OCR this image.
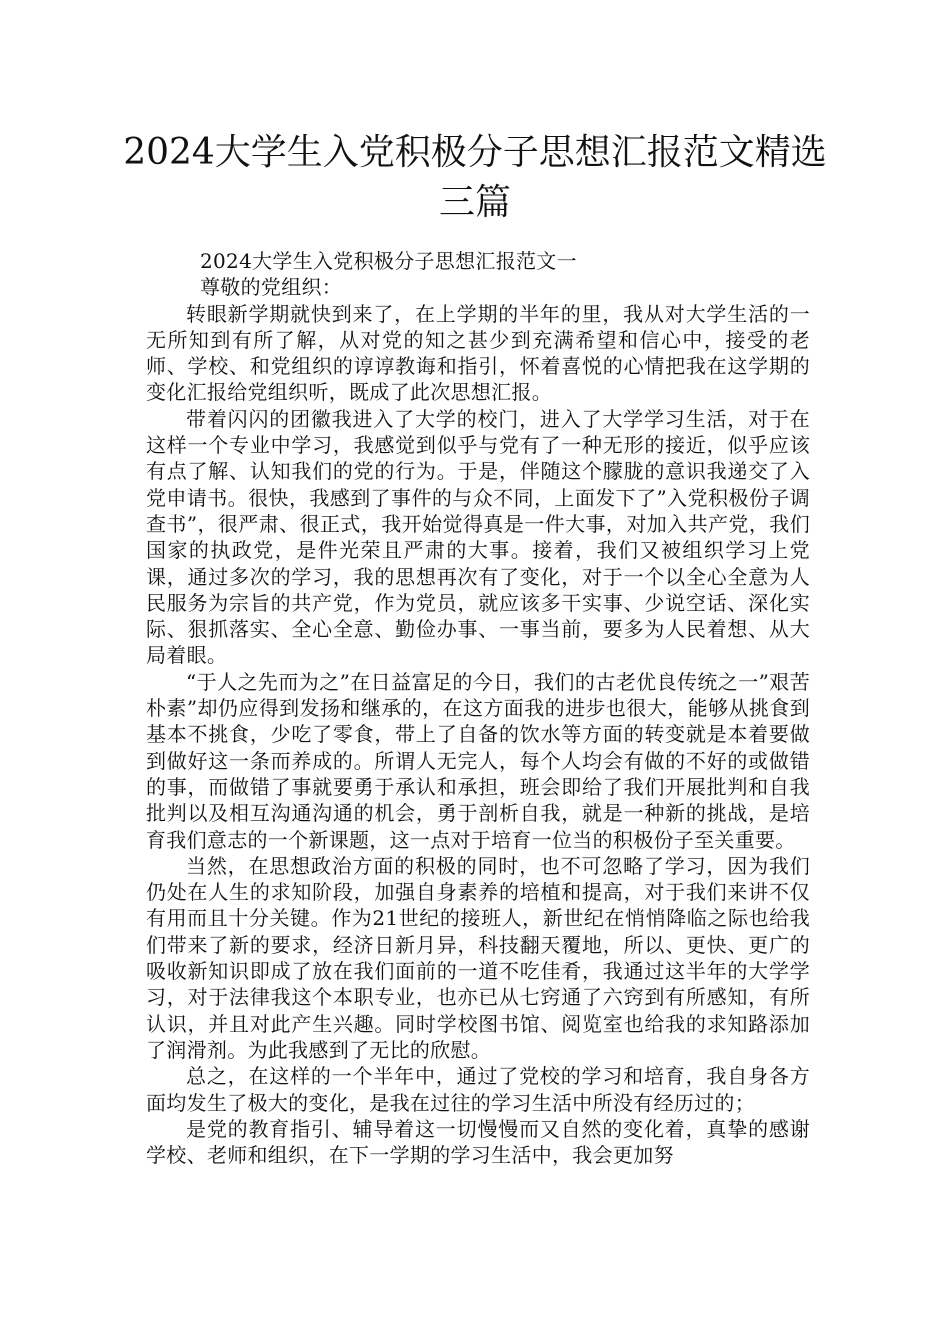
2024大学生入党积极分子思想汇报范文精选三篇

2024大学生入党积极分子思想汇报范文一

尊敬的党组织：

转眼新学期就快到来了，在上学期的半年的里，我从对大学生活的一无所知到有所了解，从对党的知之甚少到充满希望和信心中，接受的老师、学校、和党组织的谆谆教诲和指引，怀着喜悦的心情把我在这学期的变化汇报给党组织听，既成了此次思想汇报。

带着闪闪的团徽我进入了大学的校门，进入了大学学习生活，对于在这样一个专业中学习，我感觉到似乎与党有了一种无形的接近，似乎应该有点了解、认知我们的党的行为。于是，伴随这个朦胧的意识我递交了入党申请书。很快，我感到了事件的与众不同，上面发下了”入党积极份子调查书”，很严肃、很正式，我开始觉得真是一件大事，对加入共产党，我们国家的执政党，是件光荣且严肃的大事。接着，我们又被组织学习上党课，通过多次的学习，我的思想再次有了变化，对于一个以全心全意为人民服务为宗旨的共产党，作为党员，就应该多干实事、少说空话、深化实际、狠抓落实、全心全意、勤俭办事、一事当前，要多为人民着想、从大局着眼。

“于人之先而为之”在日益富足的今日，我们的古老优良传统之一”艰苦朴素”却仍应得到发扬和继承的，在这方面我的进步也很大，能够从挑食到基本不挑食，少吃了零食，带上了自备的饮水等方面的转变就是本着要做到做好这一条而养成的。所谓人无完人，每个人均会有做的不好的或做错的事，而做错了事就要勇于承认和承担，班会即给了我们开展批判和自我批判以及相互沟通沟通的机会，勇于剖析自我，就是一种新的挑战，是培育我们意志的一个新课题，这一点对于培育一位当的积极份子至关重要。

当然，在思想政治方面的积极的同时，也不可忽略了学习，因为我们仍处在人生的求知阶段，加强自身素养的培植和提高，对于我们来讲不仅有用而且十分关键。作为21世纪的接班人，新世纪在悄悄降临之际也给我们带来了新的要求，经济日新月异，科技翻天覆地，所以、更快、更广的吸收新知识即成了放在我们面前的一道不吃佳肴，我通过这半年的大学学习，对于法律我这个本职专业，也亦已从七窍通了六窍到有所感知，有所认识，并且对此产生兴趣。同时学校图书馆、阅览室也给我的求知路添加了润滑剂。为此我感到了无比的欣慰。

总之，在这样的一个半年中，通过了党校的学习和培育，我自身各方面均发生了极大的变化，是我在过往的学习生活中所没有经历过的；

是党的教育指引、辅导着这一切慢慢而又自然的变化着，真挚的感谢学校、老师和组织，在下一学期的学习生活中，我会更加努
